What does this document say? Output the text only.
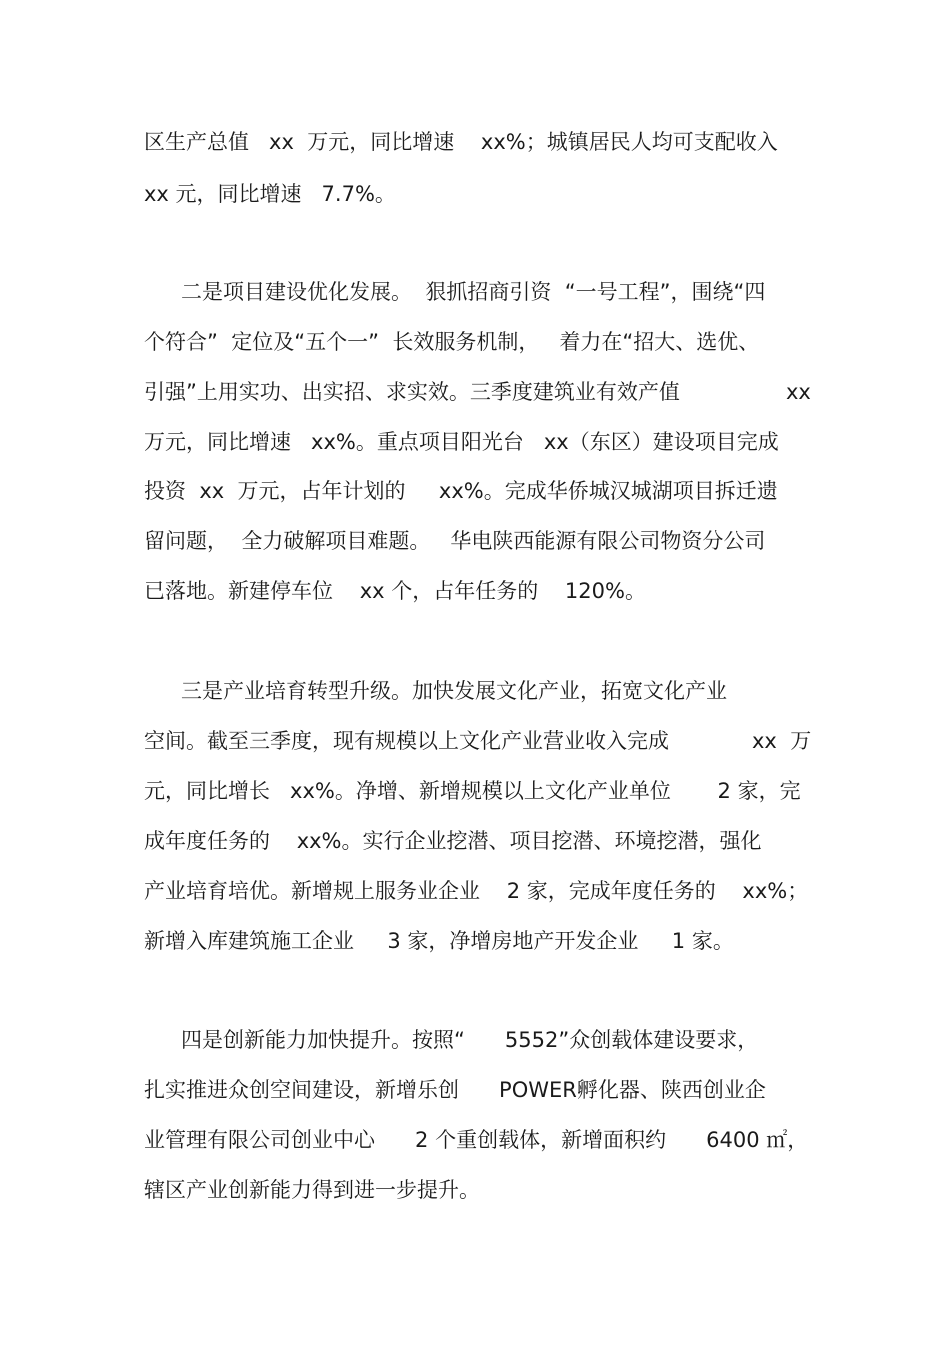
区生产总值   xx  万元，同比增速    xx%；城镇居民人均可支配收入
xx 元，同比增速   7.7%。
二是项目建设优化发展。  狠抓招商引资  “一号工程”，围绕“四
个符合”  定位及“五个一”  长效服务机制，   着力在“招大、选优、
引强”上用实功、出实招、求实效。三季度建筑业有效产值	xx
万元，同比增速   xx%。重点项目阳光台   xx（东区）建设项目完成
投资  xx  万元，占年计划的     xx%。完成华侨城汉城湖项目拆迁遗
留问题，  全力破解项目难题。   华电陕西能源有限公司物资分公司
已落地。新建停车位    xx 个，占年任务的    120%。
三是产业培育转型升级。加快发展文化产业，拓宽文化产业
空间。截至三季度，现有规模以上文化产业营业收入完成	xx  万
元，同比增长   xx%。净增、新增规模以上文化产业单位       2 家，完
成年度任务的    xx%。实行企业挖潜、项目挖潜、环境挖潜，强化
产业培育培优。新增规上服务业企业    2 家，完成年度任务的    xx%；
新增入库建筑施工企业     3 家，净增房地产开发企业     1 家。
四是创新能力加快提升。按照“      5552”众创载体建设要求，
扎实推进众创空间建设，新增乐创      POWER孵化器、陕西创业企
业管理有限公司创业中心      2 个重创载体，新增面积约      6400 ㎡，
辖区产业创新能力得到进一步提升。
